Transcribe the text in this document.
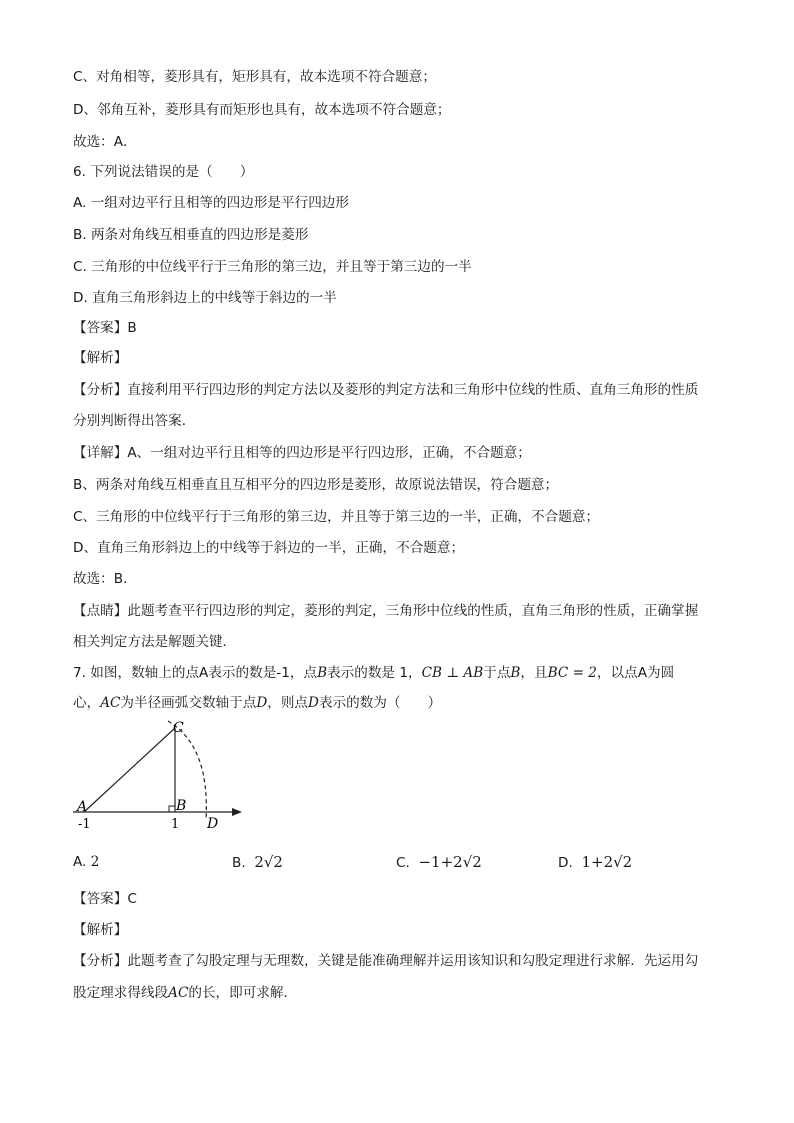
C、对角相等，菱形具有，矩形具有，故本选项不符合题意；
D、邻角互补，菱形具有而矩形也具有，故本选项不符合题意；
故选：A．
6. 下列说法错误的是（　　）
A. 一组对边平行且相等的四边形是平行四边形
B. 两条对角线互相垂直的四边形是菱形
C. 三角形的中位线平行于三角形的第三边，并且等于第三边的一半
D. 直角三角形斜边上的中线等于斜边的一半
【答案】B
【解析】
【分析】直接利用平行四边形的判定方法以及菱形的判定方法和三角形中位线的性质、直角三角形的性质
分别判断得出答案．
【详解】A、一组对边平行且相等的四边形是平行四边形，正确，不合题意；
B、两条对角线互相垂直且互相平分的四边形是菱形，故原说法错误，符合题意；
C、三角形的中位线平行于三角形的第三边，并且等于第三边的一半，正确，不合题意；
D、直角三角形斜边上的中线等于斜边的一半，正确，不合题意；
故选：B．
【点睛】此题考查平行四边形的判定，菱形的判定，三角形中位线的性质，直角三角形的性质，正确掌握
相关判定方法是解题关键．
7. 如图，数轴上的点A表示的数是-1，点B表示的数是 1，CB ⊥ AB于点B，且BC = 2，以点A为圆
心，AC为半径画弧交数轴于点D，则点D表示的数为（　　）
C
A	B
D
-1	1
A. 2	B. 2√2	C. −1+2√2	D. 1+2√2
【答案】C
【解析】
【分析】此题考查了勾股定理与无理数，关键是能准确理解并运用该知识和勾股定理进行求解．先运用勾
股定理求得线段AC的长，即可求解．
